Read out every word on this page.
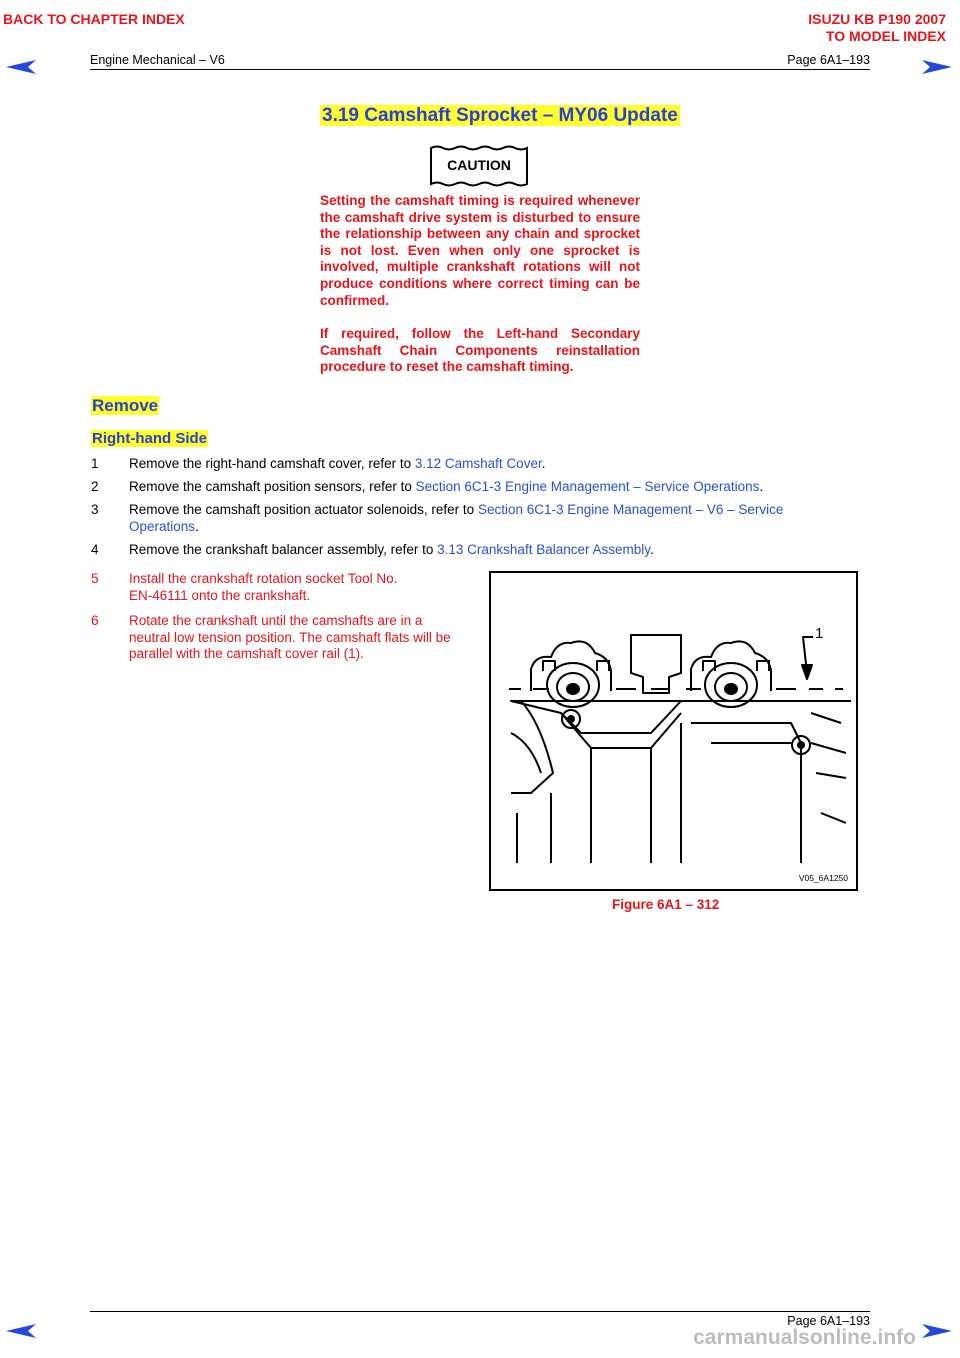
BACK TO CHAPTER INDEX	ISUZU KB P190 2007
TO MODEL INDEX
Engine Mechanical – V6	Page 6A1–193
3.19 Camshaft Sprocket – MY06 Update
CAUTION
Setting the camshaft timing is required whenever the camshaft drive system is disturbed to ensure the relationship between any chain and sprocket is not lost. Even when only one sprocket is involved, multiple crankshaft rotations will not produce conditions where correct timing can be confirmed.
If required, follow the Left-hand Secondary Camshaft Chain Components reinstallation procedure to reset the camshaft timing.
Remove
Right-hand Side
1 Remove the right-hand camshaft cover, refer to 3.12 Camshaft Cover.
2 Remove the camshaft position sensors, refer to Section 6C1-3 Engine Management – Service Operations.
3 Remove the camshaft position actuator solenoids, refer to Section 6C1-3 Engine Management – V6 – Service
Operations.
4 Remove the crankshaft balancer assembly, refer to 3.13 Crankshaft Balancer Assembly.
5 Install the crankshaft rotation socket Tool No.
EN-46111 onto the crankshaft.
6 Rotate the crankshaft until the camshafts are in a
neutral low tension position. The camshaft flats will be
parallel with the camshaft cover rail (1).
1
V05_6A1250
Figure 6A1 – 312
Page 6A1–193
carmanualsonline.info
